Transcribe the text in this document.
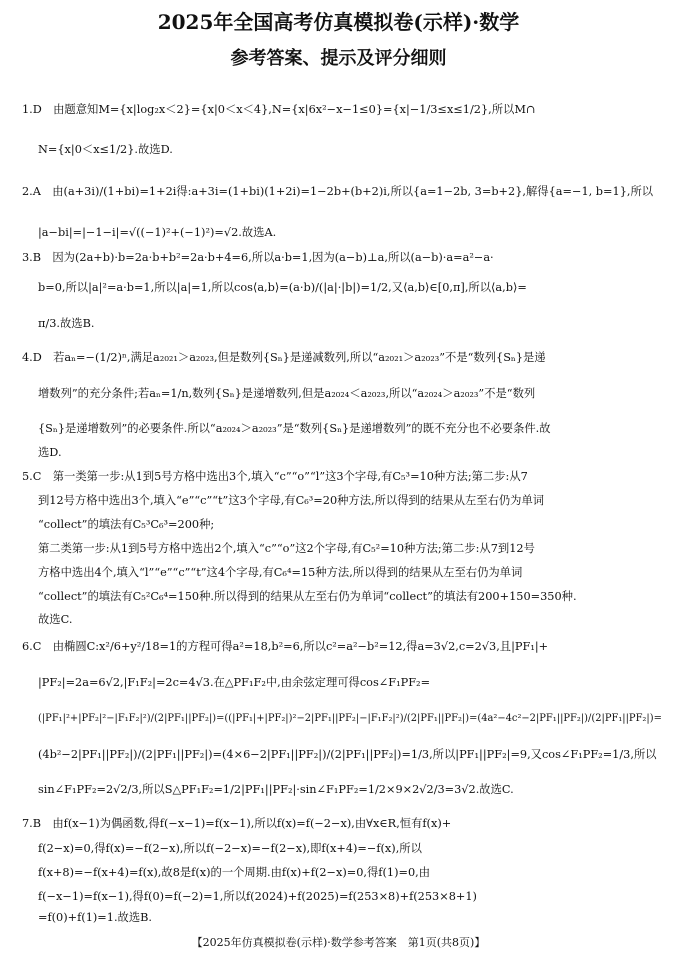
2025年全国高考仿真模拟卷(示样)·数学
参考答案、提示及评分细则
1.D　由题意知M={x|log₂x＜2}={x|0＜x＜4},N={x|6x²−x−1≤0}={x|−1/3≤x≤1/2},所以M∩
N={x|0＜x≤1/2}.故选D.
2.A　由(a+3i)/(1+bi)=1+2i得:a+3i=(1+bi)(1+2i)=1−2b+(b+2)i,所以{a=1−2b, 3=b+2},解得{a=−1, b=1},所以
|a−bi|=|−1−i|=√((−1)²+(−1)²)=√2.故选A.
3.B　因为(2a+b)·b=2a·b+b²=2a·b+4=6,所以a·b=1,因为(a−b)⊥a,所以(a−b)·a=a²−a·
b=0,所以|a|²=a·b=1,所以|a|=1,所以cos⟨a,b⟩=(a·b)/(|a|·|b|)=1/2,又⟨a,b⟩∈[0,π],所以⟨a,b⟩=
π/3.故选B.
4.D　若aₙ=−(1/2)ⁿ,满足a₂₀₂₁＞a₂₀₂₃,但是数列{Sₙ}是递减数列,所以“a₂₀₂₁＞a₂₀₂₃”不是“数列{Sₙ}是递
增数列”的充分条件;若aₙ=1/n,数列{Sₙ}是递增数列,但是a₂₀₂₄＜a₂₀₂₃,所以“a₂₀₂₄＞a₂₀₂₃”不是“数列
{Sₙ}是递增数列”的必要条件.所以“a₂₀₂₄＞a₂₀₂₃”是“数列{Sₙ}是递增数列”的既不充分也不必要条件.故
选D.
5.C　第一类第一步:从1到5号方格中选出3个,填入“c”“o”“l”这3个字母,有C₅³=10种方法;第二步:从7
到12号方格中选出3个,填入“e”“c”“t”这3个字母,有C₆³=20种方法,所以得到的结果从左至右仍为单词
“collect”的填法有C₅³C₆³=200种;
第二类第一步:从1到5号方格中选出2个,填入“c”“o”这2个字母,有C₅²=10种方法;第二步:从7到12号
方格中选出4个,填入“l”“e”“c”“t”这4个字母,有C₆⁴=15种方法,所以得到的结果从左至右仍为单词
“collect”的填法有C₅²C₆⁴=150种.所以得到的结果从左至右仍为单词“collect”的填法有200+150=350种.
故选C.
6.C　由椭圆C:x²/6+y²/18=1的方程可得a²=18,b²=6,所以c²=a²−b²=12,得a=3√2,c=2√3,且|PF₁|+
|PF₂|=2a=6√2,|F₁F₂|=2c=4√3.在△PF₁F₂中,由余弦定理可得cos∠F₁PF₂=
(|PF₁|²+|PF₂|²−|F₁F₂|²)/(2|PF₁||PF₂|)=((|PF₁|+|PF₂|)²−2|PF₁||PF₂|−|F₁F₂|²)/(2|PF₁||PF₂|)=(4a²−4c²−2|PF₁||PF₂|)/(2|PF₁||PF₂|)=
(4b²−2|PF₁||PF₂|)/(2|PF₁||PF₂|)=(4×6−2|PF₁||PF₂|)/(2|PF₁||PF₂|)=1/3,所以|PF₁||PF₂|=9,又cos∠F₁PF₂=1/3,所以
sin∠F₁PF₂=2√2/3,所以S△PF₁F₂=1/2|PF₁||PF₂|·sin∠F₁PF₂=1/2×9×2√2/3=3√2.故选C.
7.B　由f(x−1)为偶函数,得f(−x−1)=f(x−1),所以f(x)=f(−2−x),由∀x∈R,恒有f(x)+
f(2−x)=0,得f(x)=−f(2−x),所以f(−2−x)=−f(2−x),即f(x+4)=−f(x),所以
f(x+8)=−f(x+4)=f(x),故8是f(x)的一个周期.由f(x)+f(2−x)=0,得f(1)=0,由
f(−x−1)=f(x−1),得f(0)=f(−2)=1,所以f(2024)+f(2025)=f(253×8)+f(253×8+1)
=f(0)+f(1)=1.故选B.
【2025年仿真模拟卷(示样)·数学参考答案　第1页(共8页)】
